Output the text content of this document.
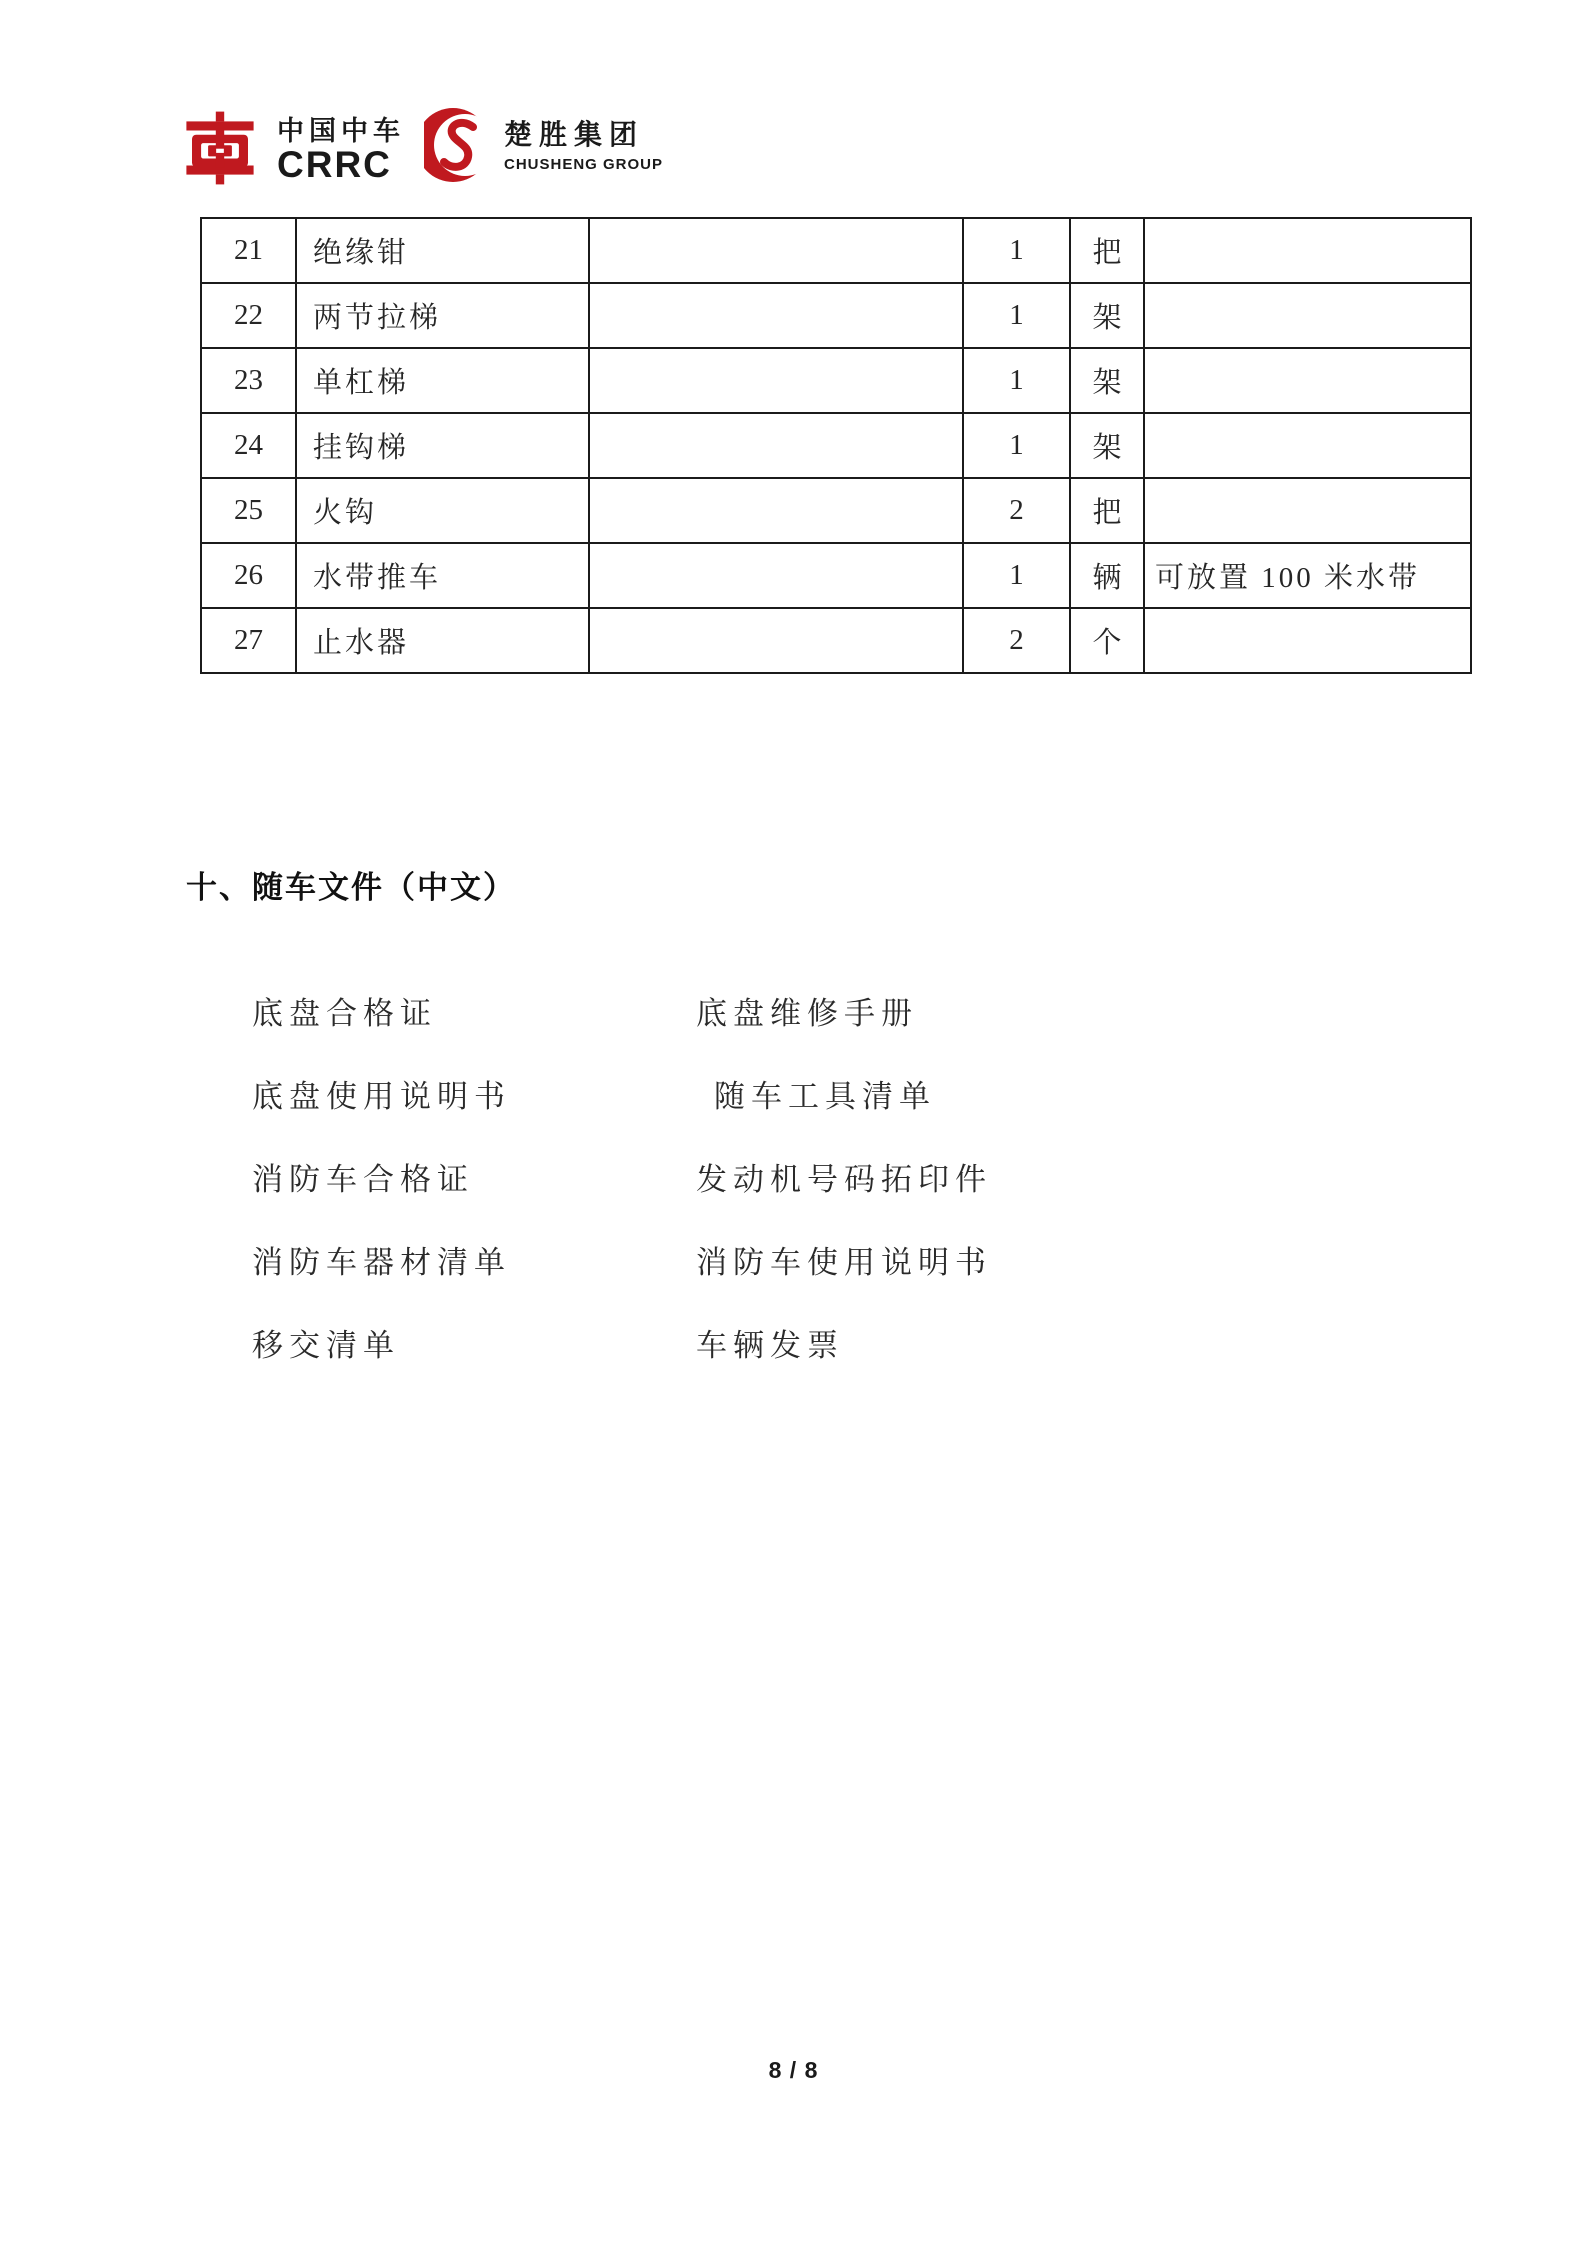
中国中车
CRRC
楚胜集团
CHUSHENG GROUP
21	绝缘钳		1	把	
22	两节拉梯		1	架	
23	单杠梯		1	架	
24	挂钩梯		1	架	
25	火钩		2	把	
26	水带推车		1	辆	可放置 100 米水带
27	止水器		2	个	
十、随车文件（中文）
底盘合格证	底盘维修手册
底盘使用说明书	随车工具清单
消防车合格证	发动机号码拓印件
消防车器材清单	消防车使用说明书
移交清单	车辆发票
8 / 8
